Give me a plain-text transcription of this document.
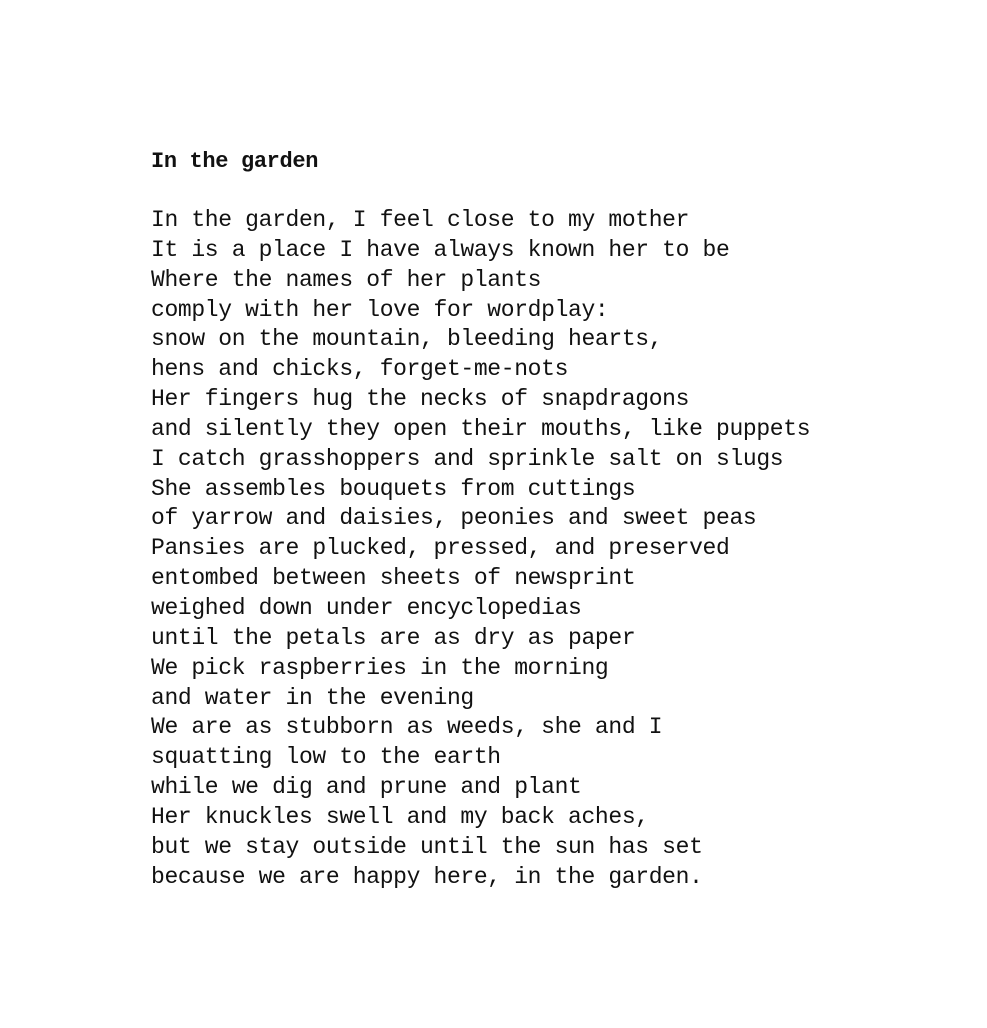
In the garden
In the garden, I feel close to my mother
It is a place I have always known her to be
Where the names of her plants
comply with her love for wordplay:
snow on the mountain, bleeding hearts,
hens and chicks, forget-me-nots
Her fingers hug the necks of snapdragons
and silently they open their mouths, like puppets
I catch grasshoppers and sprinkle salt on slugs
She assembles bouquets from cuttings
of yarrow and daisies, peonies and sweet peas
Pansies are plucked, pressed, and preserved
entombed between sheets of newsprint
weighed down under encyclopedias
until the petals are as dry as paper
We pick raspberries in the morning
and water in the evening
We are as stubborn as weeds, she and I
squatting low to the earth
while we dig and prune and plant
Her knuckles swell and my back aches,
but we stay outside until the sun has set
because we are happy here, in the garden.
